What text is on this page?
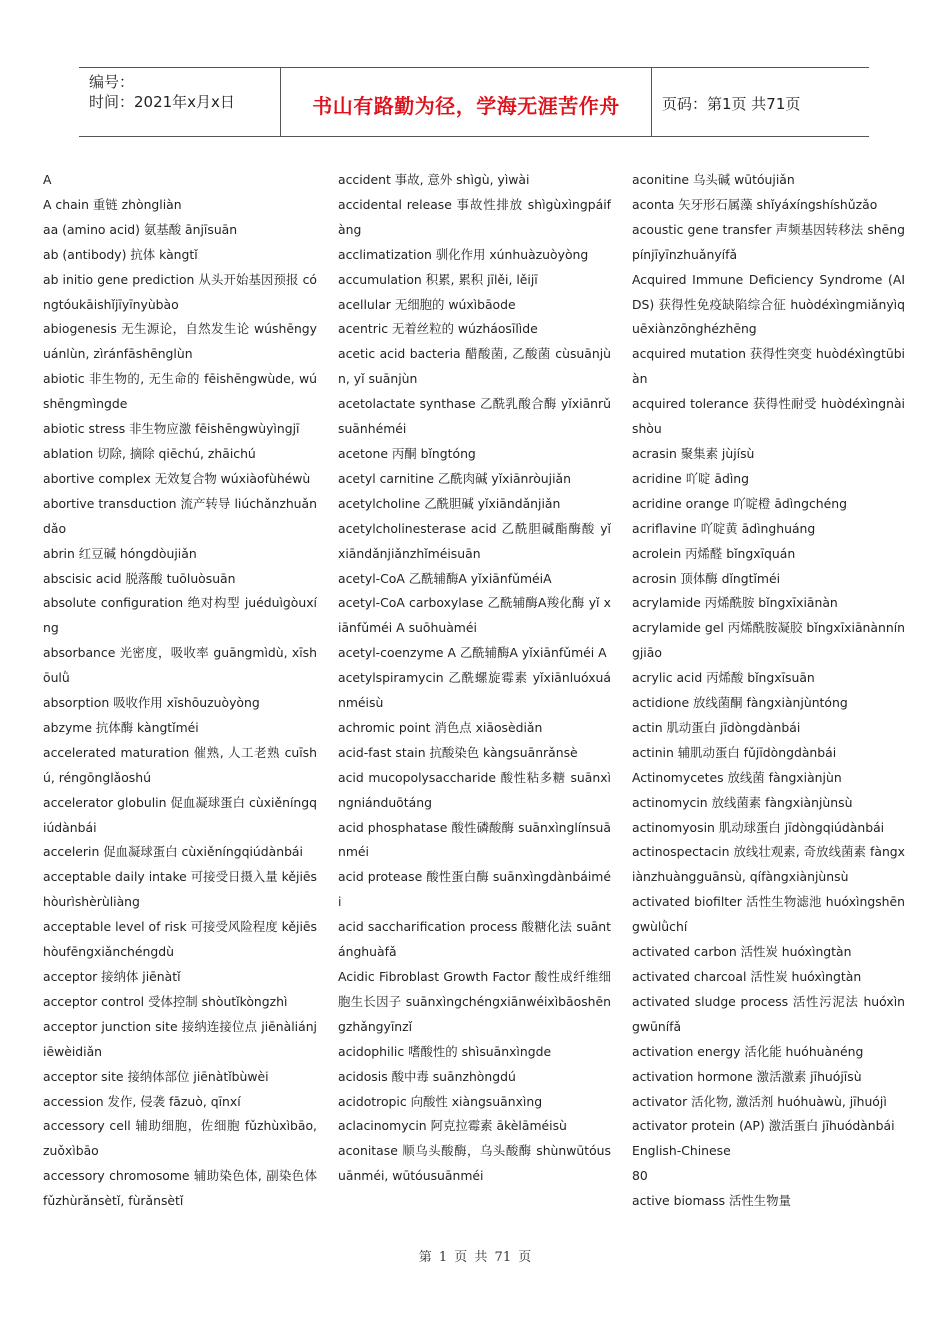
编号：
时间：2021年x月x日	书山有路勤为径，学海无涯苦作舟	页码：第1页 共71页
A
A chain 重链 zhòngliàn
aa (amino acid) 氨基酸 ānjīsuān
ab (antibody) 抗体 kàngtǐ
ab initio gene prediction 从头开始基因预报 cóngtóukāishǐjīyīnyùbào
abiogenesis 无生源论，自然发生论 wúshēngyuánlùn, zìránfāshēnglùn
abiotic 非生物的, 无生命的 fēishēngwùde, wúshēngmìngde
abiotic stress 非生物应激 fēishēngwùyìngjī
ablation 切除, 摘除 qiēchú, zhāichú
abortive complex 无效复合物 wúxiàofùhéwù
abortive transduction 流产转导 liúchǎnzhuǎndǎo
abrin 红豆碱 hóngdòujiǎn
abscisic acid 脱落酸 tuōluòsuān
absolute configuration 绝对构型 juéduìgòuxíng
absorbance 光密度，吸收率 guāngmìdù, xīshōulǜ
absorption 吸收作用 xīshōuzuòyòng
abzyme 抗体酶 kàngtǐméi
accelerated maturation 催熟, 人工老熟 cuīshú, réngōnglǎoshú
accelerator globulin 促血凝球蛋白 cùxiěníngqiúdànbái
accelerin 促血凝球蛋白 cùxiěníngqiúdànbái
acceptable daily intake 可接受日摄入量 kějiēshòurìshèrùliàng
acceptable level of risk 可接受风险程度 kějiēshòufēngxiǎnchéngdù
acceptor 接纳体 jiēnàtǐ
acceptor control 受体控制 shòutǐkòngzhì
acceptor junction site 接纳连接位点 jiēnàliánjiēwèidiǎn
acceptor site 接纳体部位 jiēnàtǐbùwèi
accession 发作, 侵袭 fāzuò, qīnxí
accessory cell 辅助细胞，佐细胞 fǔzhùxìbāo, zuǒxìbāo
accessory chromosome 辅助染色体, 副染色体 fǔzhùrǎnsètǐ, fùrǎnsètǐ
accident 事故, 意外 shìgù, yìwài
accidental release 事故性排放 shìgùxìngpáifàng
acclimatization 驯化作用 xúnhuàzuòyòng
accumulation 积累, 累积 jīlěi, lěijī
acellular 无细胞的 wúxìbāode
acentric 无着丝粒的 wúzháosīlìde
acetic acid bacteria 醋酸菌, 乙酸菌 cùsuānjùn, yǐ suānjùn
acetolactate synthase 乙酰乳酸合酶 yǐxiānrǔsuānhéméi
acetone 丙酮 bǐngtóng
acetyl carnitine 乙酰肉碱 yǐxiānròujiǎn
acetylcholine 乙酰胆碱 yǐxiāndǎnjiǎn
acetylcholinesterase acid 乙酰胆碱酯酶酸 yǐ xiāndǎnjiǎnzhǐméisuān
acetyl-CoA 乙酰辅酶A yǐxiānfǔméiA
acetyl-CoA carboxylase 乙酰辅酶A羧化酶 yǐ xiānfǔméi A suōhuàméi
acetyl-coenzyme A 乙酰辅酶A yǐxiānfǔméi A
acetylspiramycin 乙酰螺旋霉素 yǐxiānluóxuánméisù
achromic point 消色点 xiāosèdiǎn
acid-fast stain 抗酸染色 kàngsuānrǎnsè
acid mucopolysaccharide 酸性粘多糖 suānxìngniánduōtáng
acid phosphatase 酸性磷酸酶 suānxìnglínsuānméi
acid protease 酸性蛋白酶 suānxìngdànbáiméi
acid saccharification process 酸糖化法 suāntánghuàfǎ
Acidic Fibroblast Growth Factor 酸性成纤维细胞生长因子 suānxìngchéngxiānwéixìbāoshēngzhǎngyīnzǐ
acidophilic 嗜酸性的 shìsuānxìngde
acidosis 酸中毒 suānzhòngdú
acidotropic 向酸性 xiàngsuānxìng
aclacinomycin 阿克拉霉素 ākèlāméisù
aconitase 顺乌头酸酶，乌头酸酶 shùnwūtóusuānméi, wūtóusuānméi
aconitine 乌头碱 wūtóujiǎn
aconta 矢牙形石属藻 shǐyáxíngshíshǔzǎo
acoustic gene transfer 声频基因转移法 shēngpínjīyīnzhuǎnyífǎ
Acquired Immune Deficiency Syndrome (AIDS) 获得性免疫缺陷综合征 huòdéxìngmiǎnyìquēxiànzōnghézhēng
acquired mutation 获得性突变 huòdéxìngtūbiàn
acquired tolerance 获得性耐受 huòdéxìngnàishòu
acrasin 聚集素 jùjísù
acridine 吖啶 ādìng
acridine orange 吖啶橙 ādìngchéng
acriflavine 吖啶黄 ādìnghuáng
acrolein 丙烯醛 bǐngxīquán
acrosin 顶体酶 dǐngtǐméi
acrylamide 丙烯酰胺 bǐngxīxiānàn
acrylamide gel 丙烯酰胺凝胶 bǐngxīxiānànníngjiāo
acrylic acid 丙烯酸 bǐngxīsuān
actidione 放线菌酮 fàngxiànjùntóng
actin 肌动蛋白 jīdòngdànbái
actinin 辅肌动蛋白 fǔjīdòngdànbái
Actinomycetes 放线菌 fàngxiànjùn
actinomycin 放线菌素 fàngxiànjùnsù
actinomyosin 肌动球蛋白 jīdòngqiúdànbái
actinospectacin 放线壮观素, 奇放线菌素 fàngxiànzhuàngguānsù, qífàngxiànjùnsù
activated biofilter 活性生物滤池 huóxìngshēngwùlǜchí
activated carbon 活性炭 huóxìngtàn
activated charcoal 活性炭 huóxìngtàn
activated sludge process 活性污泥法 huóxìngwūnífǎ
activation energy 活化能 huóhuànéng
activation hormone 激活激素 jīhuójīsù
activator 活化物, 激活剂 huóhuàwù, jīhuójì
activator protein (AP) 激活蛋白 jīhuódànbái
English-Chinese
80
active biomass 活性生物量
第 1 页 共 71 页
